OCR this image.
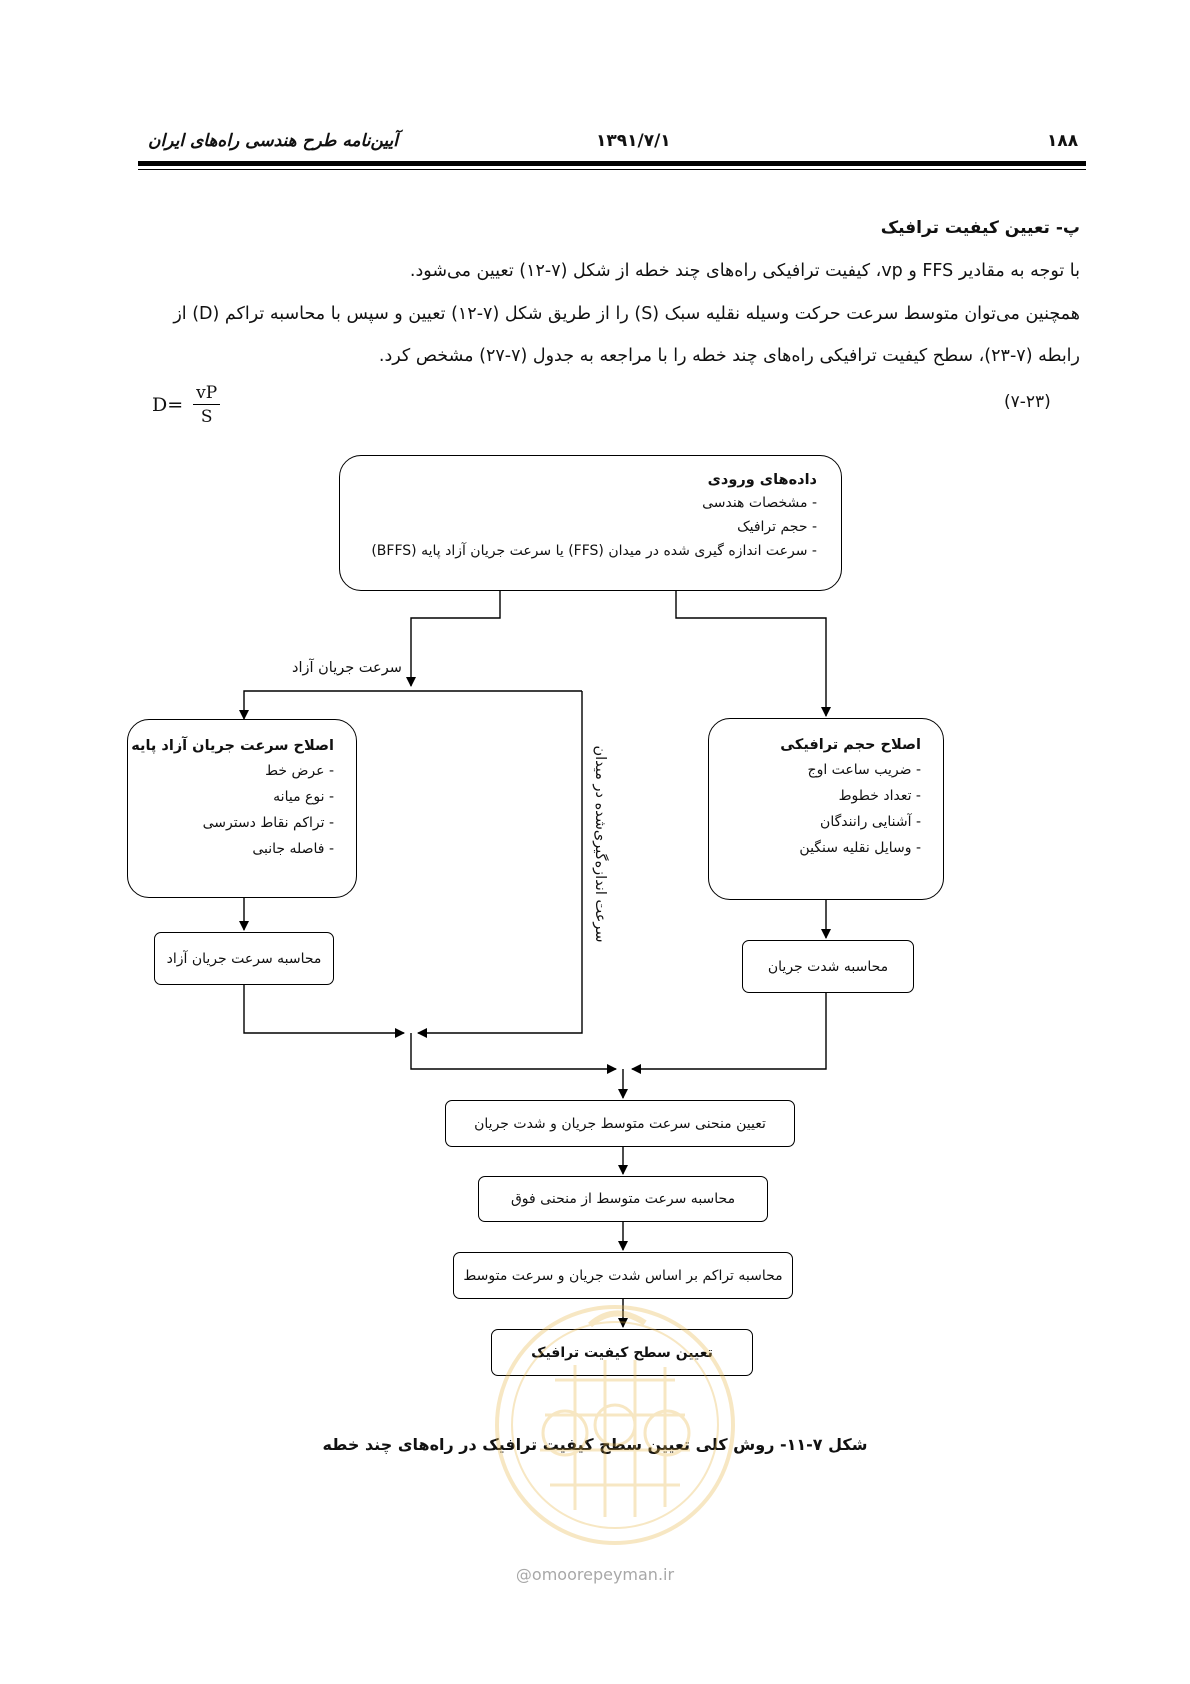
۱۸۸
۱۳۹۱/۷/۱
آیین‌نامه طرح هندسی راه‌های ایران
پ- تعیین کیفیت ترافیک
با توجه به مقادیر FFS و vp، کیفیت ترافیکی راه‌های چند خطه از شکل (۷-۱۲) تعیین می‌شود.
همچنین می‌توان متوسط سرعت حرکت وسیله نقلیه سبک (S) را از طریق شکل (۷-۱۲) تعیین و سپس با محاسبه تراکم (D) از
رابطه (۷-۲۳)، سطح کیفیت ترافیکی راه‌های چند خطه را با مراجعه به جدول (۷-۲۷) مشخص کرد.
$D= \frac{vP}{S}$	(۷-۲۳)
داده‌های ورودی
- مشخصات هندسی
- حجم ترافیک
- سرعت اندازه گیری شده در میدان (FFS) یا سرعت جریان آزاد پایه (BFFS)
سرعت جریان آزاد
سرعت اندازه‌گیری‌شده در میدان
اصلاح سرعت جریان آزاد پایه
- عرض خط
- نوع میانه
- تراکم نقاط دسترسی
- فاصله جانبی
اصلاح حجم ترافیکی
- ضریب ساعت اوج
- تعداد خطوط
- آشنایی رانندگان
- وسایل نقلیه سنگین
محاسبه سرعت جریان آزاد	محاسبه شدت جریان
تعیین منحنی سرعت متوسط جریان و شدت جریان
محاسبه سرعت متوسط از منحنی فوق
محاسبه تراکم بر اساس شدت جریان و سرعت متوسط
تعیین سطح کیفیت ترافیک
شکل ۷-۱۱- روش کلی تعیین سطح کیفیت ترافیک در راه‌های چند خطه
@omoorepeyman.ir
